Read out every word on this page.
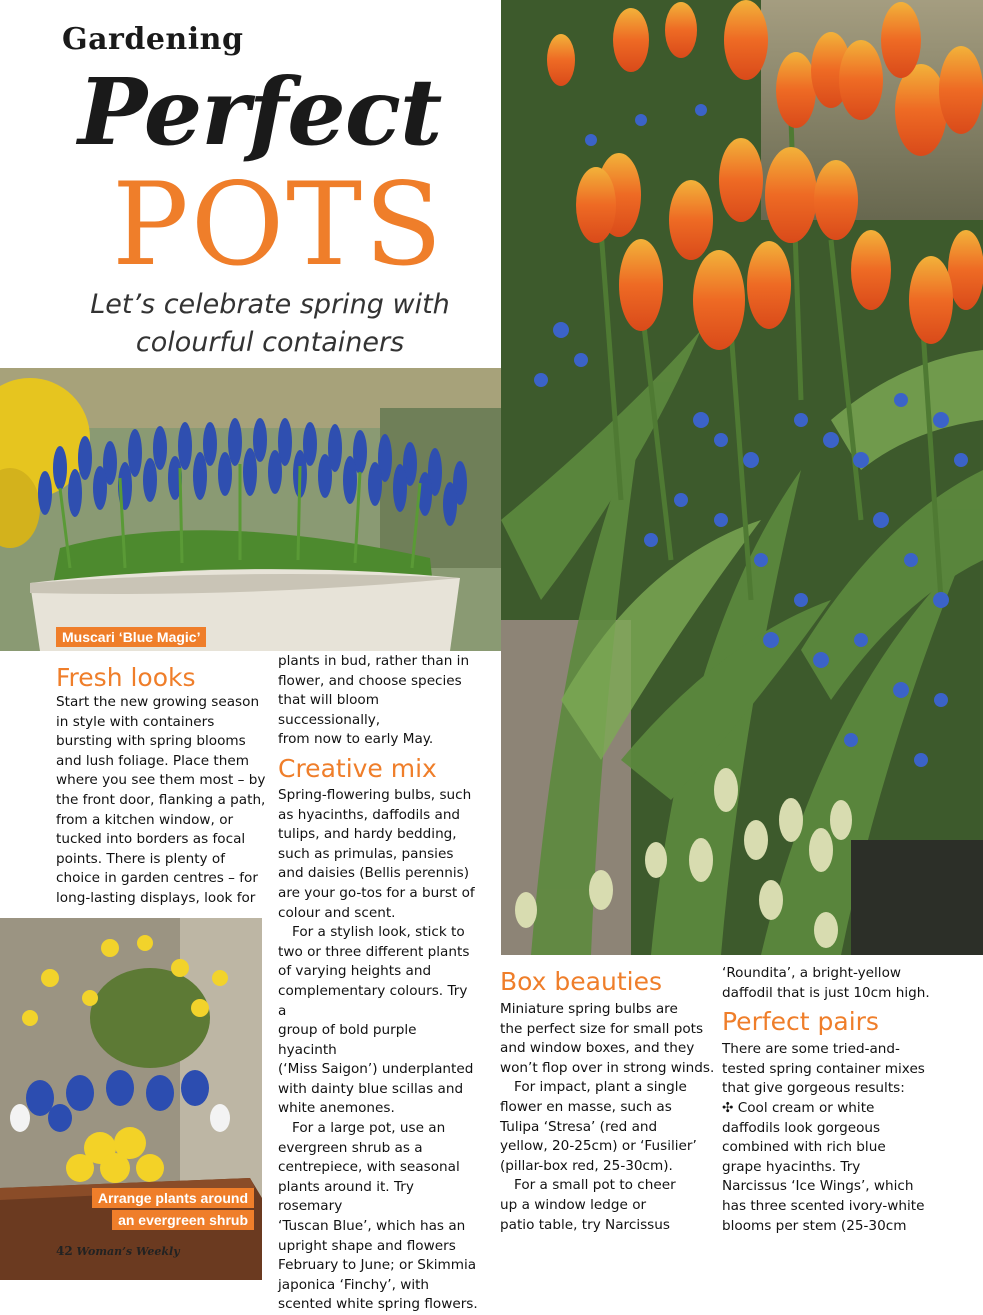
Gardening
Perfect
POTS
Let’s celebrate spring with
colourful containers
Muscari ‘Blue Magic’
Arrange plants around an evergreen shrub
Fresh looks

Start the new growing season
in style with containers
bursting with spring blooms
and lush foliage. Place them
where you see them most – by
the front door, flanking a path,
from a kitchen window, or
tucked into borders as focal
points. There is plenty of
choice in garden centres – for
long-lasting displays, look for

plants in bud, rather than in
flower, and choose species
that will bloom successionally,
from now to early May.

Creative mix

Spring-flowering bulbs, such
as hyacinths, daffodils and
tulips, and hardy bedding,
such as primulas, pansies
and daisies (Bellis perennis)
are your go-tos for a burst of
colour and scent.

For a stylish look, stick to
two or three different plants
of varying heights and
complementary colours. Try a
group of bold purple hyacinth
(‘Miss Saigon’) underplanted
with dainty blue scillas and
white anemones.

For a large pot, use an
evergreen shrub as a
centrepiece, with seasonal
plants around it. Try rosemary
‘Tuscan Blue’, which has an
upright shape and flowers
February to June; or Skimmia
japonica ‘Finchy’, with
scented white spring flowers.

Box beauties

Miniature spring bulbs are
the perfect size for small pots
and window boxes, and they
won’t flop over in strong winds.

For impact, plant a single
flower en masse, such as
Tulipa ‘Stresa’ (red and
yellow, 20-25cm) or ‘Fusilier’
(pillar-box red, 25-30cm).

For a small pot to cheer
up a window ledge or
patio table, try Narcissus

‘Roundita’, a bright-yellow
daffodil that is just 10cm high.

Perfect pairs

There are some tried-and-
tested spring container mixes
that give gorgeous results:

✣ Cool cream or white
daffodils look gorgeous
combined with rich blue
grape hyacinths. Try
Narcissus ‘Ice Wings’, which
has three scented ivory-white
blooms per stem (25-30cm

42 Woman’s Weekly
